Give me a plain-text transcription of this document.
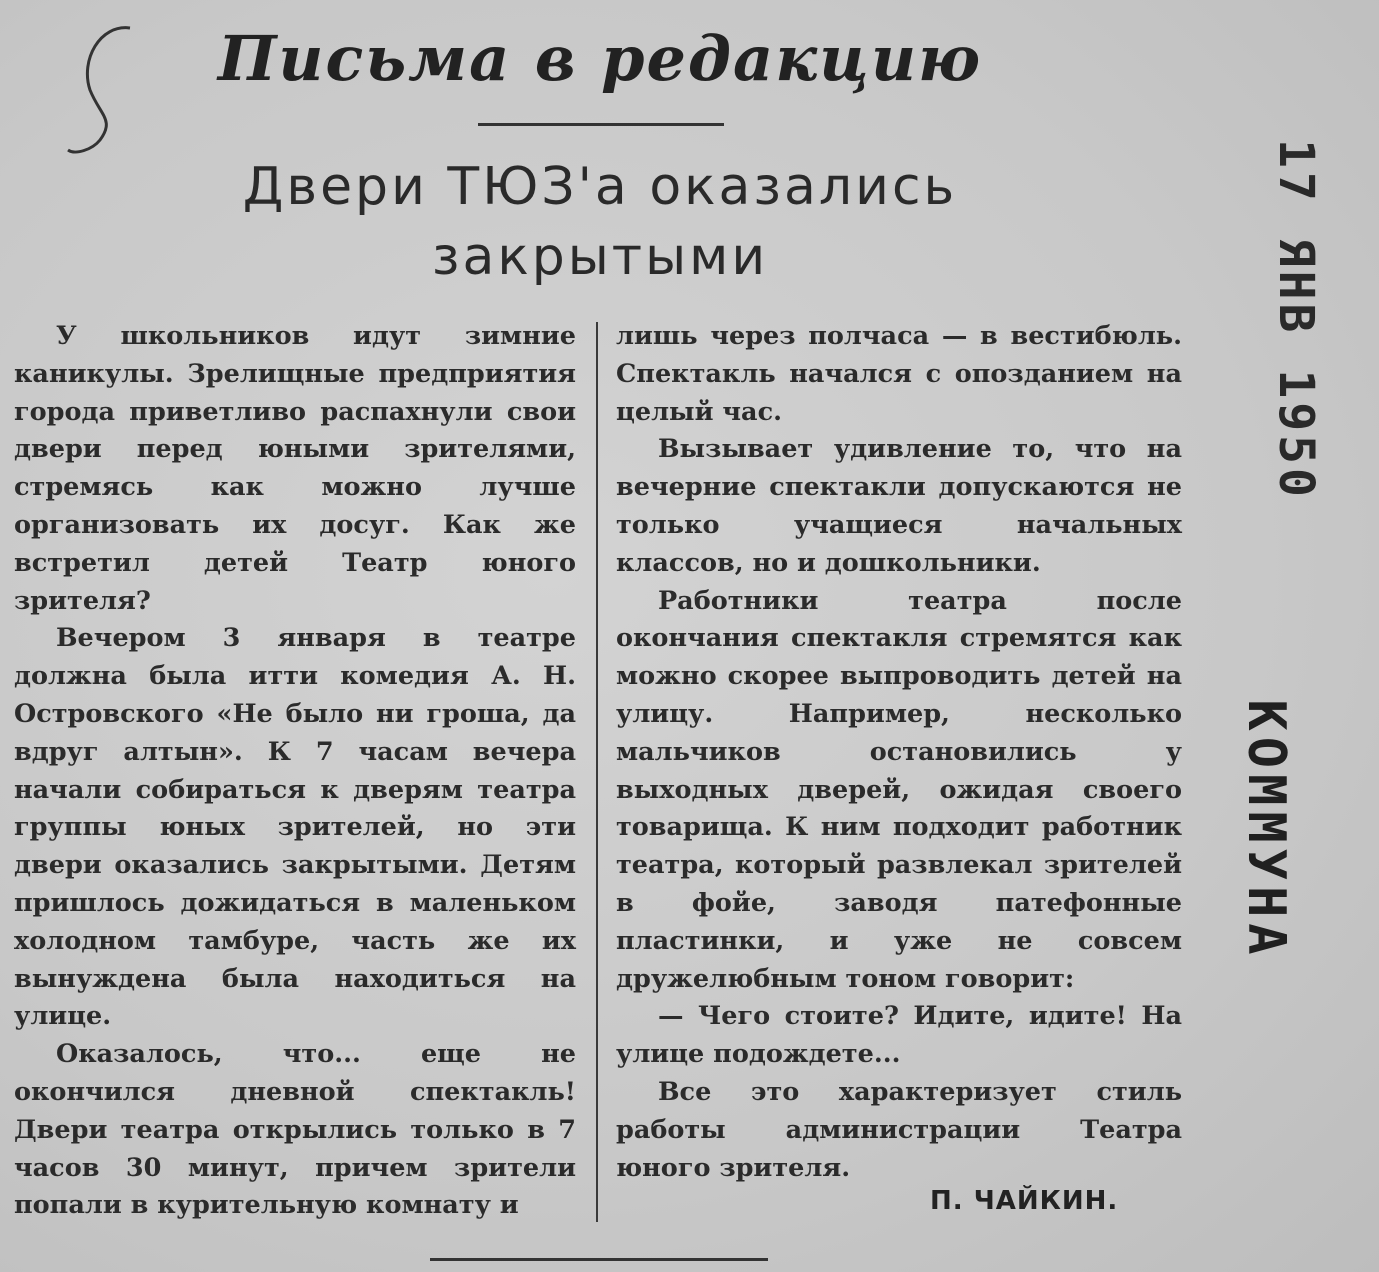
Письма в редакцию
Двери ТЮЗ'а оказались
закрытыми

У школьников идут зимние каникулы. Зрелищные предприятия города приветливо распахнули свои двери перед юными зрителями, стремясь как можно лучше организовать их досуг. Как же встретил детей Театр юного зрителя?

Вечером 3 января в театре должна была итти комедия А. Н. Островского «Не было ни гроша, да вдруг алтын». К 7 часам вечера начали собираться к дверям театра группы юных зрителей, но эти двери оказались закрытыми. Детям пришлось дожидаться в маленьком холодном тамбуре, часть же их вынуждена была находиться на улице.

Оказалось, что... еще не окончился дневной спектакль! Двери театра открылись только в 7 часов 30 минут, причем зрители попали в курительную комнату и

лишь через полчаса — в вестибюль. Спектакль начался с опозданием на целый час.

Вызывает удивление то, что на вечерние спектакли допускаются не только учащиеся начальных классов, но и дошкольники.

Работники театра после окончания спектакля стремятся как можно скорее выпроводить детей на улицу. Например, несколько мальчиков остановились у выходных дверей, ожидая своего товарища. К ним подходит работник театра, который развлекал зрителей в фойе, заводя патефонные пластинки, и уже не совсем дружелюбным тоном говорит:

— Чего стоите? Идите, идите! На улице подождете...

Все это характеризует стиль работы администрации Театра юного зрителя.

П. ЧАЙКИН.
17 ЯНВ 1950
КОММУНА
